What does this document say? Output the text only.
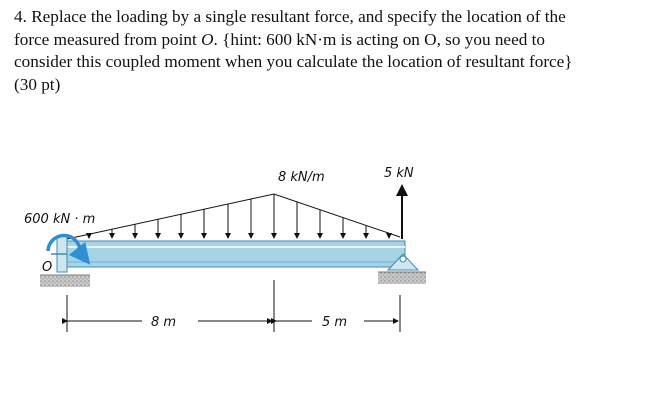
4. Replace the loading by a single resultant force, and specify the location of the
force measured from point O. {hint: 600 kN·m is acting on O, so you need to
consider this coupled moment when you calculate the location of resultant force}
(30 pt)
600 kN · m
O
8 kN/m	5 kN
8 m	5 m
